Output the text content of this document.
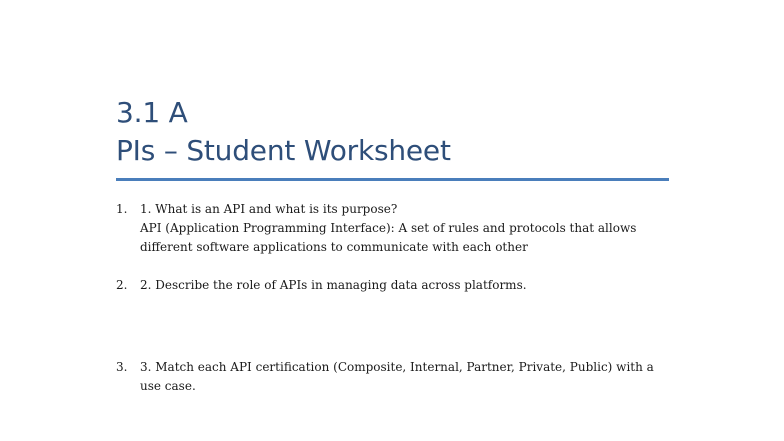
3.1 A
PIs – Student Worksheet
1.	1. What is an API and what is its purpose?
API (Application Programming Interface): A set of rules and protocols that allows different software applications to communicate with each other
2.	2. Describe the role of APIs in managing data across platforms.
3.	3. Match each API certification (Composite, Internal, Partner, Private, Public) with a use case.
